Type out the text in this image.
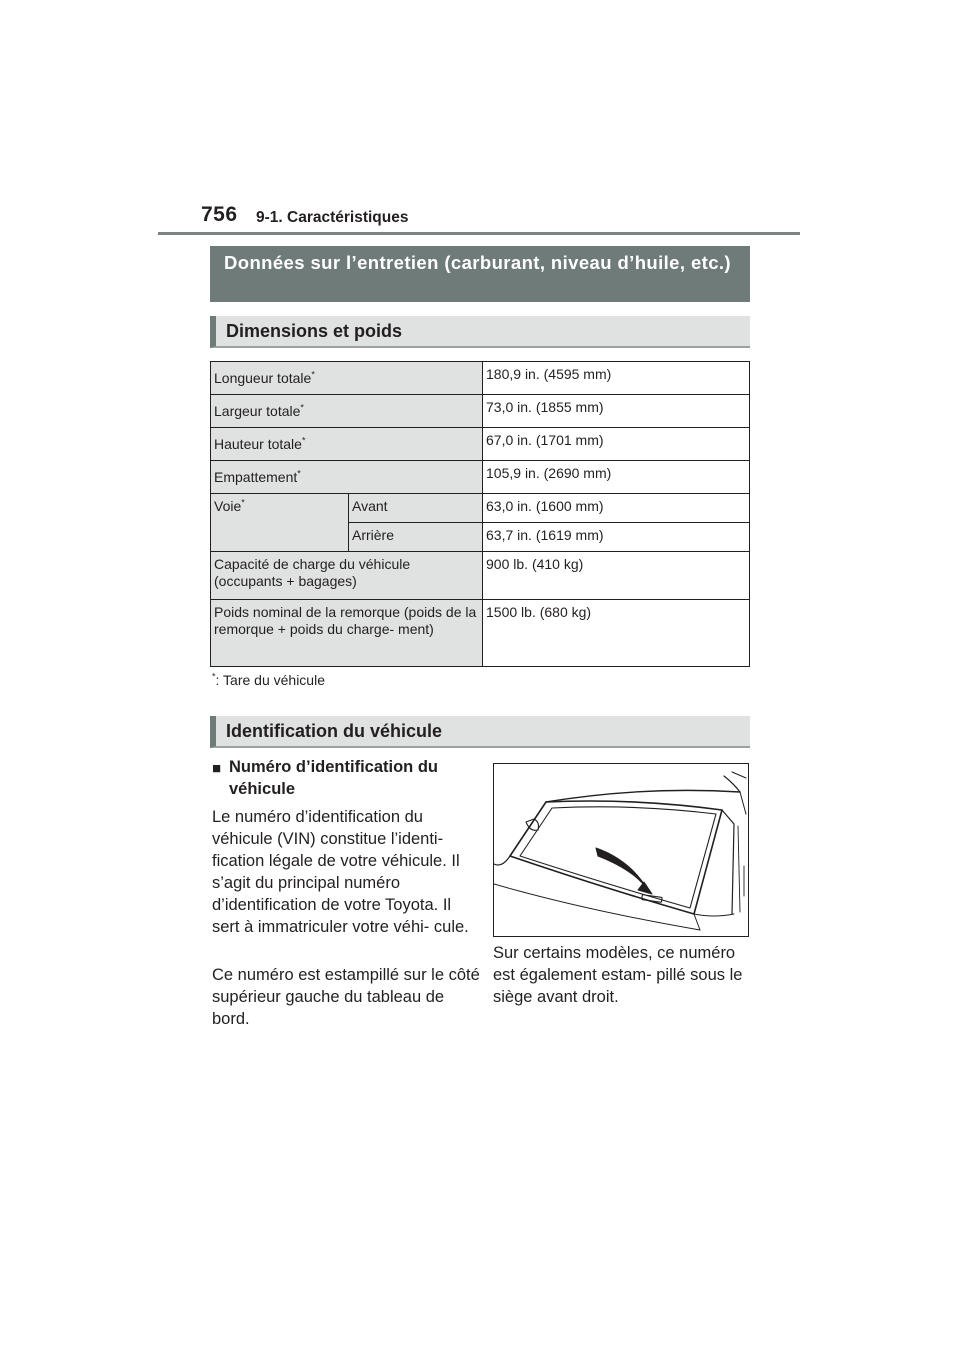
756 9-1. Caractéristiques
Données sur l’entretien (carburant, niveau d’huile, etc.)
Dimensions et poids
Longueur totale*		180,9 in. (4595 mm)
Largeur totale*		73,0 in. (1855 mm)
Hauteur totale*		67,0 in. (1701 mm)
Empattement*		105,9 in. (2690 mm)
Voie*	Avant	63,0 in. (1600 mm)
	Arrière	63,7 in. (1619 mm)
Capacité de charge du véhicule (occupants + bagages)		900 lb. (410 kg)
Poids nominal de la remorque (poids de la remorque + poids du charge- ment)		1500 lb. (680 kg)
*: Tare du véhicule
Identification du véhicule
■ Numéro d’identification du véhicule
Le numéro d’identification du véhicule (VIN) constitue l’identi- fication légale de votre véhicule. Il s’agit du principal numéro d’identification de votre Toyota. Il sert à immatriculer votre véhi- cule.
Ce numéro est estampillé sur le côté supérieur gauche du tableau de bord.
Sur certains modèles, ce numéro est également estam- pillé sous le siège avant droit.
